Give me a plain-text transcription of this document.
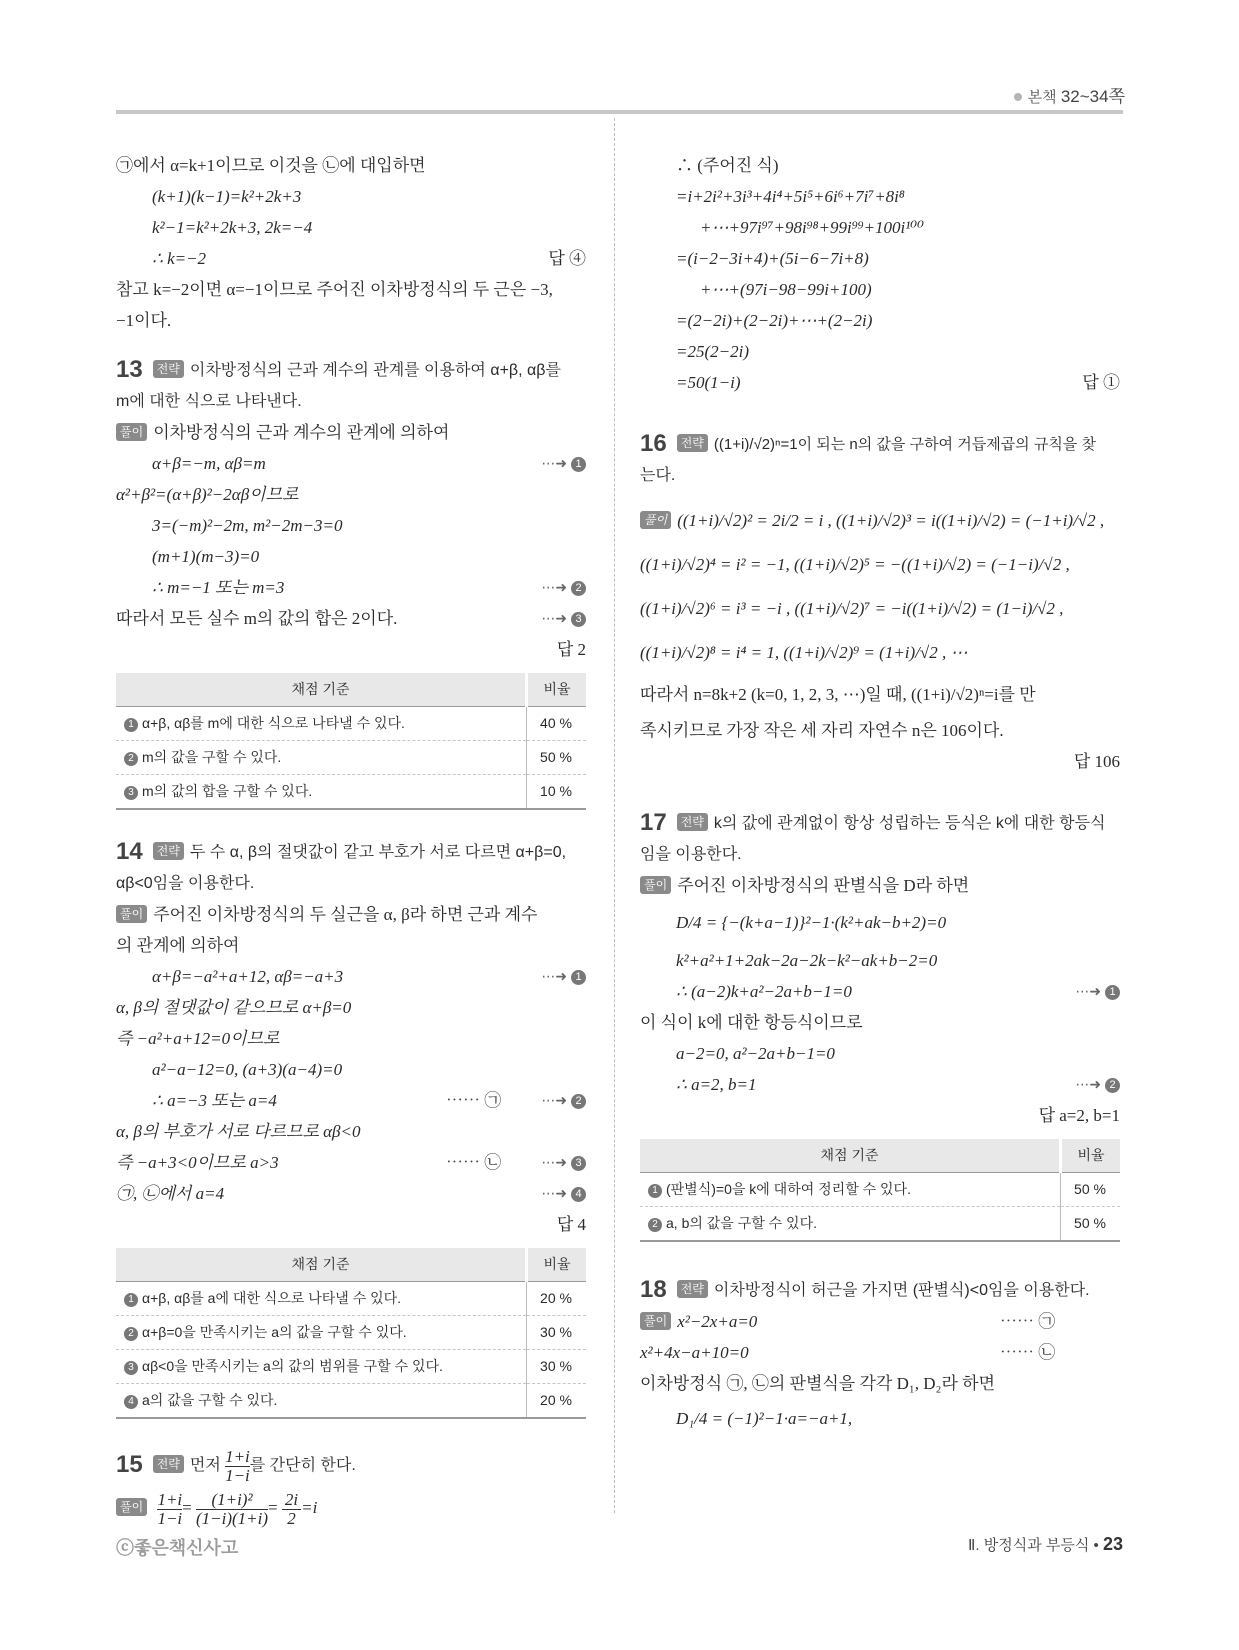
본책 32~34쪽
㉠에서 α=k+1이므로 이것을 ㉡에 대입하면
(k+1)(k−1)=k²+2k+3
k²−1=k²+2k+3, 2k=−4
∴ k=−2	답 ④
참고 k=−2이면 α=−1이므로 주어진 이차방정식의 두 근은 −3,
−1이다.
13 전략 이차방정식의 근과 계수의 관계를 이용하여 α+β, αβ를
m에 대한 식으로 나타낸다.
풀이 이차방정식의 근과 계수의 관계에 의하여
α+β=−m, αβ=m	⋯➜ 1
α²+β²=(α+β)²−2αβ이므로
3=(−m)²−2m, m²−2m−3=0
(m+1)(m−3)=0
∴ m=−1 또는 m=3	⋯➜ 2
따라서 모든 실수 m의 값의 합은 2이다.	⋯➜ 3
답 2
채점 기준	비율
1 α+β, αβ를 m에 대한 식으로 나타낼 수 있다.	40 %
2 m의 값을 구할 수 있다.	50 %
3 m의 값의 합을 구할 수 있다.	10 %
14 전략 두 수 α, β의 절댓값이 같고 부호가 서로 다르면 α+β=0,
αβ<0임을 이용한다.
풀이 주어진 이차방정식의 두 실근을 α, β라 하면 근과 계수
의 관계에 의하여
α+β=−a²+a+12, αβ=−a+3	⋯➜ 1
α, β의 절댓값이 같으므로 α+β=0
즉 −a²+a+12=0이므로
a²−a−12=0, (a+3)(a−4)=0
∴ a=−3 또는 a=4	⋯⋯ ㉠	⋯➜ 2
α, β의 부호가 서로 다르므로 αβ<0
즉 −a+3<0이므로 a>3	⋯⋯ ㉡	⋯➜ 3
㉠, ㉡에서 a=4	⋯➜ 4
답 4
채점 기준	비율
1 α+β, αβ를 a에 대한 식으로 나타낼 수 있다.	20 %
2 α+β=0을 만족시키는 a의 값을 구할 수 있다.	30 %
3 αβ<0을 만족시키는 a의 값의 범위를 구할 수 있다.	30 %
4 a의 값을 구할 수 있다.	20 %
15 전략 먼저 $\frac{1+i}{1-i}$ 를 간단히 한다.
풀이 $\frac{1+i}{1-i} = \frac{\text{(1+i)²}}{(1-i)(1+i)} = \frac{2i}{2} =i$
∴ (주어진 식)
=i+2i²+3i³+4i⁴+5i⁵+6i⁶+7i⁷+8i⁸
+⋯+97i⁹⁷+98i⁹⁸+99i⁹⁹+100i¹⁰⁰
=(i−2−3i+4)+(5i−6−7i+8)
+⋯+(97i−98−99i+100)
=(2−2i)+(2−2i)+⋯+(2−2i)
=25(2−2i)
=50(1−i)	답 ①
16 전략 ((1+i)/√2)ⁿ=1이 되는 n의 값을 구하여 거듭제곱의 규칙을 찾
는다.
풀이 ((1+i)/√2)² = 2i/2 = i , ((1+i)/√2)³ = i((1+i)/√2) = (−1+i)/√2 ,
((1+i)/√2)⁴ = i² = −1, ((1+i)/√2)⁵ = −((1+i)/√2) = (−1−i)/√2 ,
((1+i)/√2)⁶ = i³ = −i , ((1+i)/√2)⁷ = −i((1+i)/√2) = (1−i)/√2 ,
((1+i)/√2)⁸ = i⁴ = 1, ((1+i)/√2)⁹ = (1+i)/√2 , ⋯
따라서 n=8k+2 (k=0, 1, 2, 3, ⋯)일 때, ((1+i)/√2)ⁿ=i를 만
족시키므로 가장 작은 세 자리 자연수 n은 106이다.
답 106
17 전략 k의 값에 관계없이 항상 성립하는 등식은 k에 대한 항등식
임을 이용한다.
풀이 주어진 이차방정식의 판별식을 D라 하면
D/4 = {−(k+a−1)}²−1·(k²+ak−b+2)=0
k²+a²+1+2ak−2a−2k−k²−ak+b−2=0
∴ (a−2)k+a²−2a+b−1=0	⋯➜ 1
이 식이 k에 대한 항등식이므로
a−2=0, a²−2a+b−1=0
∴ a=2, b=1	⋯➜ 2
답 a=2, b=1
채점 기준	비율
1 (판별식)=0을 k에 대하여 정리할 수 있다.	50 %
2 a, b의 값을 구할 수 있다.	50 %
18 전략 이차방정식이 허근을 가지면 (판별식)<0임을 이용한다.
풀이 x²−2x+a=0	⋯⋯ ㉠
x²+4x−a+10=0	⋯⋯ ㉡
이차방정식 ㉠, ㉡의 판별식을 각각 D₁, D₂라 하면
D₁/4 = (−1)²−1·a=−a+1,
ⓒ좋은책신사고	Ⅱ. 방정식과 부등식 • 23
